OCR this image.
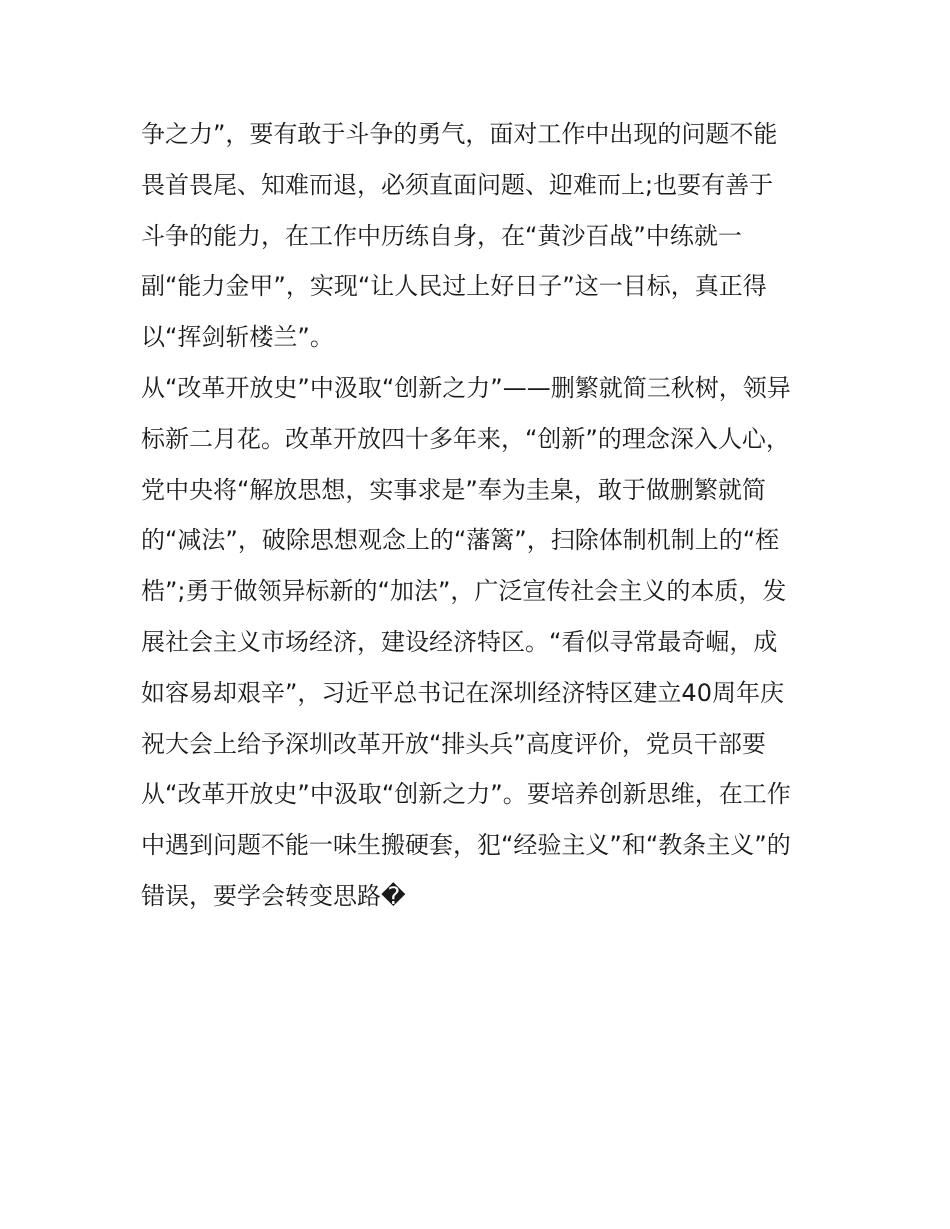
争之力”，要有敢于斗争的勇气，面对工作中出现的问题不能
畏首畏尾、知难而退，必须直面问题、迎难而上;也要有善于
斗争的能力，在工作中历练自身，在“黄沙百战”中练就一
副“能力金甲”，实现“让人民过上好日子”这一目标，真正得
以“挥剑斩楼兰”。
从“改革开放史”中汲取“创新之力”——删繁就简三秋树，领异
标新二月花。改革开放四十多年来，“创新”的理念深入人心，
党中央将“解放思想，实事求是”奉为圭臬，敢于做删繁就简
的“减法”，破除思想观念上的“藩篱”，扫除体制机制上的“桎
梏”;勇于做领异标新的“加法”，广泛宣传社会主义的本质，发
展社会主义市场经济，建设经济特区。“看似寻常最奇崛，成
如容易却艰辛”，习近平总书记在深圳经济特区建立40周年庆
祝大会上给予深圳改革开放“排头兵”高度评价，党员干部要
从“改革开放史”中汲取“创新之力”。要培养创新思维，在工作
中遇到问题不能一味生搬硬套，犯“经验主义”和“教条主义”的
错误，要学会转变思路�
